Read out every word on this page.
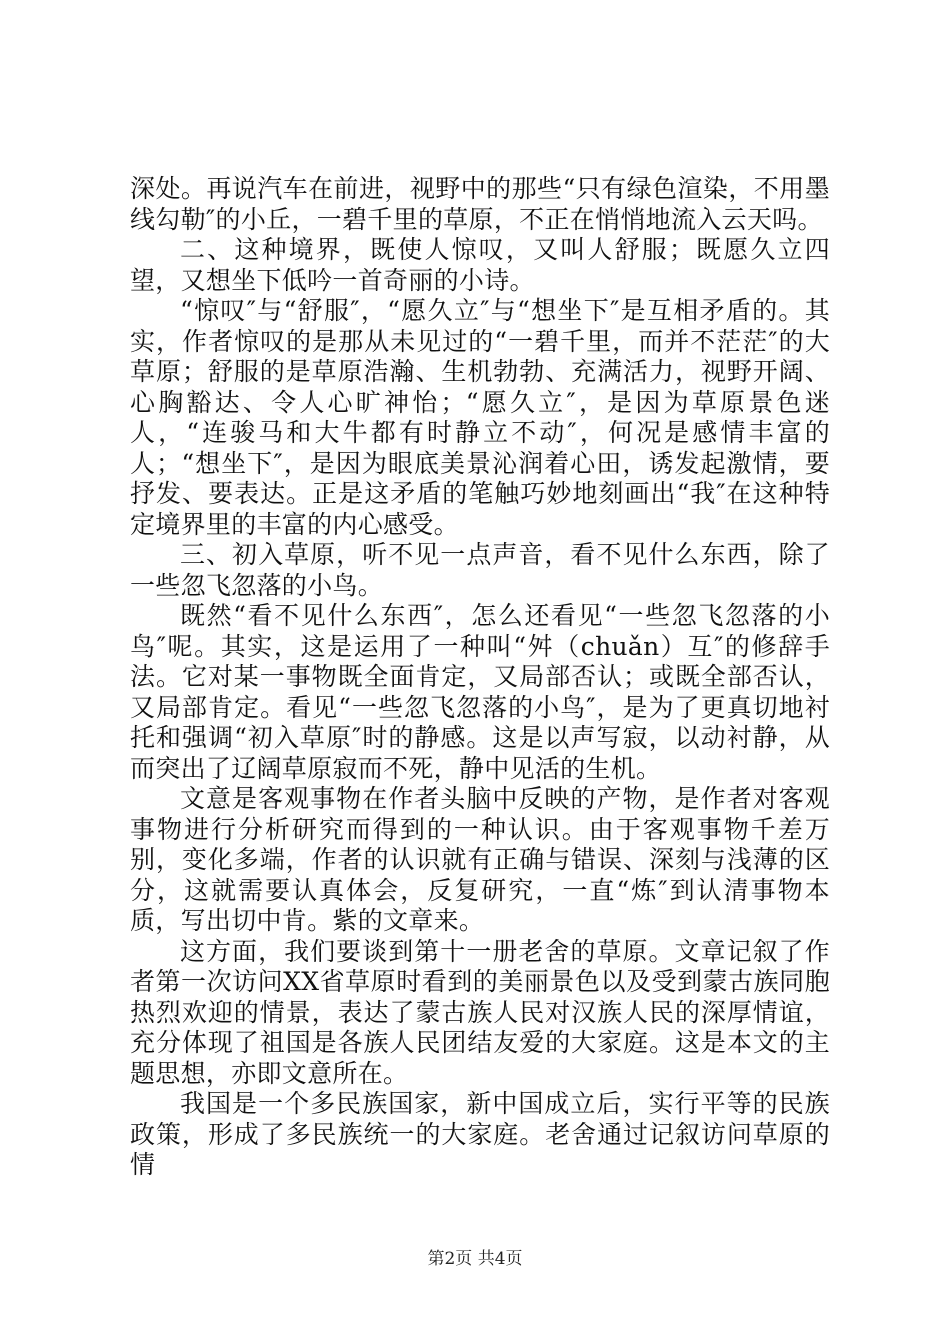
深处。再说汽车在前进，视野中的那些“只有绿色渲染，不用墨线勾勒″的小丘，一碧千里的草原，不正在悄悄地流入云天吗。

二、这种境界，既使人惊叹，又叫人舒服；既愿久立四望，又想坐下低吟一首奇丽的小诗。

“惊叹″与“舒服″，“愿久立″与“想坐下″是互相矛盾的。其实，作者惊叹的是那从未见过的“一碧千里，而并不茫茫″的大草原；舒服的是草原浩瀚、生机勃勃、充满活力，视野开阔、心胸豁达、令人心旷神怡；“愿久立″，是因为草原景色迷人，“连骏马和大牛都有时静立不动″，何况是感情丰富的人；“想坐下″，是因为眼底美景沁润着心田，诱发起激情，要抒发、要表达。正是这矛盾的笔触巧妙地刻画出“我″在这种特定境界里的丰富的内心感受。

三、初入草原，听不见一点声音，看不见什么东西，除了一些忽飞忽落的小鸟。

既然“看不见什么东西″，怎么还看见“一些忽飞忽落的小鸟″呢。其实，这是运用了一种叫“舛（chuǎn）互″的修辞手法。它对某一事物既全面肯定，又局部否认；或既全部否认，又局部肯定。看见“一些忽飞忽落的小鸟″，是为了更真切地衬托和强调“初入草原″时的静感。这是以声写寂，以动衬静，从而突出了辽阔草原寂而不死，静中见活的生机。

文意是客观事物在作者头脑中反映的产物，是作者对客观事物进行分析研究而得到的一种认识。由于客观事物千差万别，变化多端，作者的认识就有正确与错误、深刻与浅薄的区分，这就需要认真体会，反复研究，一直“炼″到认清事物本质，写出切中肯。紫的文章来。

这方面，我们要谈到第十一册老舍的草原。文章记叙了作者第一次访问XX省草原时看到的美丽景色以及受到蒙古族同胞热烈欢迎的情景，表达了蒙古族人民对汉族人民的深厚情谊，充分体现了祖国是各族人民团结友爱的大家庭。这是本文的主题思想，亦即文意所在。

我国是一个多民族国家，新中国成立后，实行平等的民族政策，形成了多民族统一的大家庭。老舍通过记叙访问草原的情

第2页 共4页
